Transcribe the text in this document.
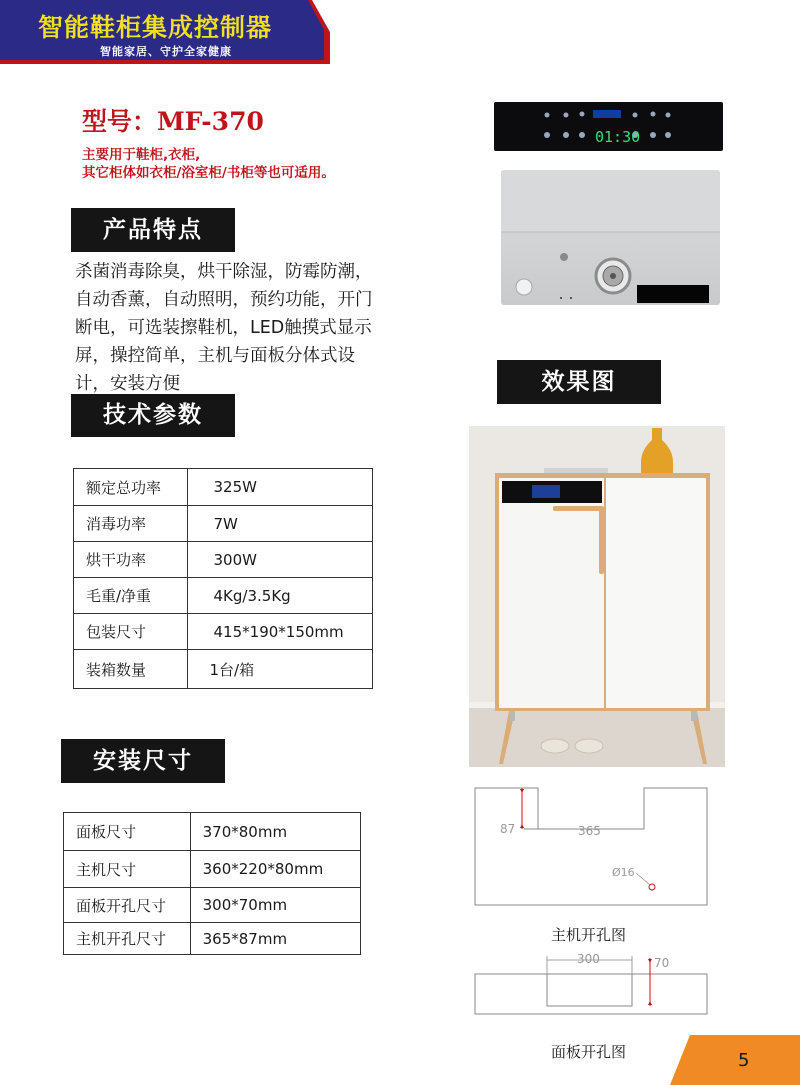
智能鞋柜集成控制器
智能家居、守护全家健康
型号：MF-370
主要用于鞋柜,衣柜,
其它柜体如衣柜/浴室柜/书柜等也可适用。
产品特点
杀菌消毒除臭，烘干除湿，防霉防潮，
自动香薰，自动照明，预约功能，开门
断电，可选装擦鞋机，LED触摸式显示
屏，操控简单，主机与面板分体式设
计，安装方便
技术参数
额定总功率	325W
消毒功率	7W
烘干功率	300W
毛重/净重	4Kg/3.5Kg
包装尺寸	415*190*150mm
装箱数量	1台/箱
安装尺寸
面板尺寸	370*80mm
主机尺寸	360*220*80mm
面板开孔尺寸	300*70mm
主机开孔尺寸	365*87mm
01:30
效果图
87	365
Ø16
主机开孔图
300	70
面板开孔图	5
